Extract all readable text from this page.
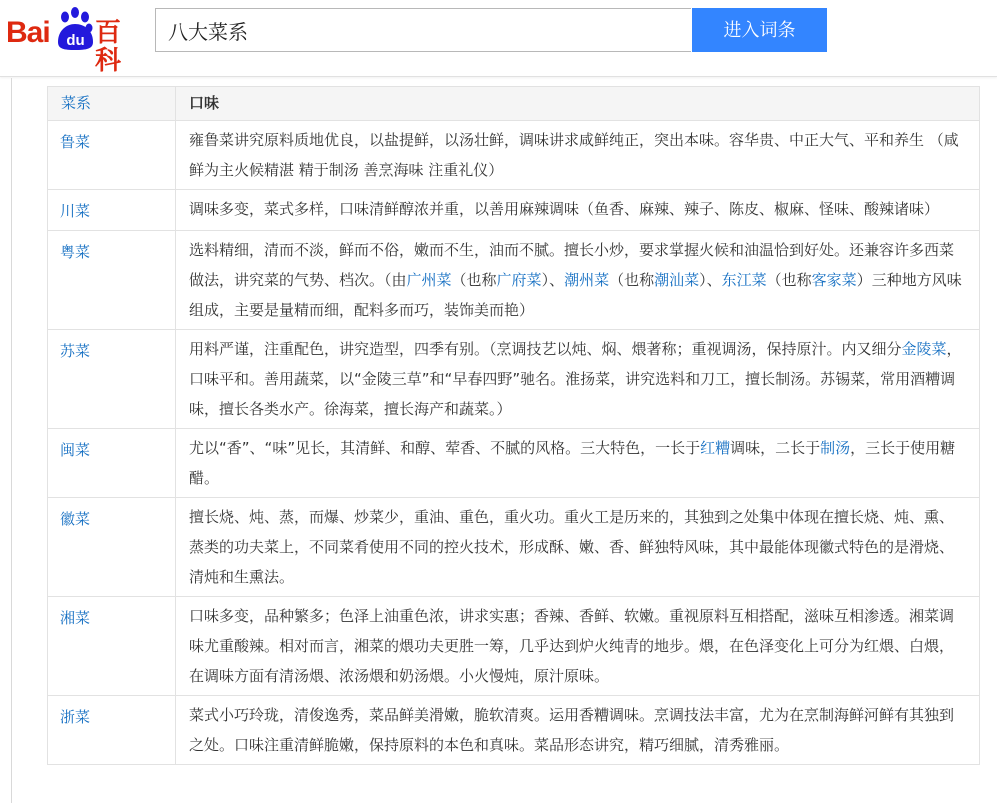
Bai du 百科
八大菜系
进入词条
菜系	口味
鲁菜	雍鲁菜讲究原料质地优良，以盐提鲜，以汤壮鲜，调味讲求咸鲜纯正，突出本味。容华贵、中正大气、平和养生 （咸鲜为主火候精湛 精于制汤 善烹海味 注重礼仪）
川菜	调味多变，菜式多样，口味清鲜醇浓并重，以善用麻辣调味（鱼香、麻辣、辣子、陈皮、椒麻、怪味、酸辣诸味）
粤菜	选料精细，清而不淡，鲜而不俗，嫩而不生，油而不腻。擅长小炒，要求掌握火候和油温恰到好处。还兼容许多西菜做法，讲究菜的气势、档次。（由广州菜（也称广府菜）、潮州菜（也称潮汕菜）、东江菜（也称客家菜）三种地方风味组成，主要是量精而细，配料多而巧，装饰美而艳）
苏菜	用料严谨，注重配色，讲究造型，四季有别。（烹调技艺以炖、焖、煨著称；重视调汤，保持原汁。内又细分金陵菜，口味平和。善用蔬菜，以“金陵三草”和“早春四野”驰名。淮扬菜，讲究选料和刀工，擅长制汤。苏锡菜，常用酒糟调味，擅长各类水产。徐海菜，擅长海产和蔬菜。）
闽菜	尤以“香”、“味”见长，其清鲜、和醇、荤香、不腻的风格。三大特色，一长于红糟调味，二长于制汤，三长于使用糖醋。
徽菜	擅长烧、炖、蒸，而爆、炒菜少，重油、重色，重火功。重火工是历来的，其独到之处集中体现在擅长烧、炖、熏、蒸类的功夫菜上，不同菜肴使用不同的控火技术，形成酥、嫩、香、鲜独特风味，其中最能体现徽式特色的是滑烧、清炖和生熏法。
湘菜	口味多变，品种繁多；色泽上油重色浓，讲求实惠；香辣、香鲜、软嫩。重视原料互相搭配，滋味互相渗透。湘菜调味尤重酸辣。相对而言，湘菜的煨功夫更胜一筹，几乎达到炉火纯青的地步。煨，在色泽变化上可分为红煨、白煨，在调味方面有清汤煨、浓汤煨和奶汤煨。小火慢炖，原汁原味。
浙菜	菜式小巧玲珑，清俊逸秀，菜品鲜美滑嫩，脆软清爽。运用香糟调味。烹调技法丰富，尤为在烹制海鲜河鲜有其独到之处。口味注重清鲜脆嫩，保持原料的本色和真味。菜品形态讲究，精巧细腻，清秀雅丽。
